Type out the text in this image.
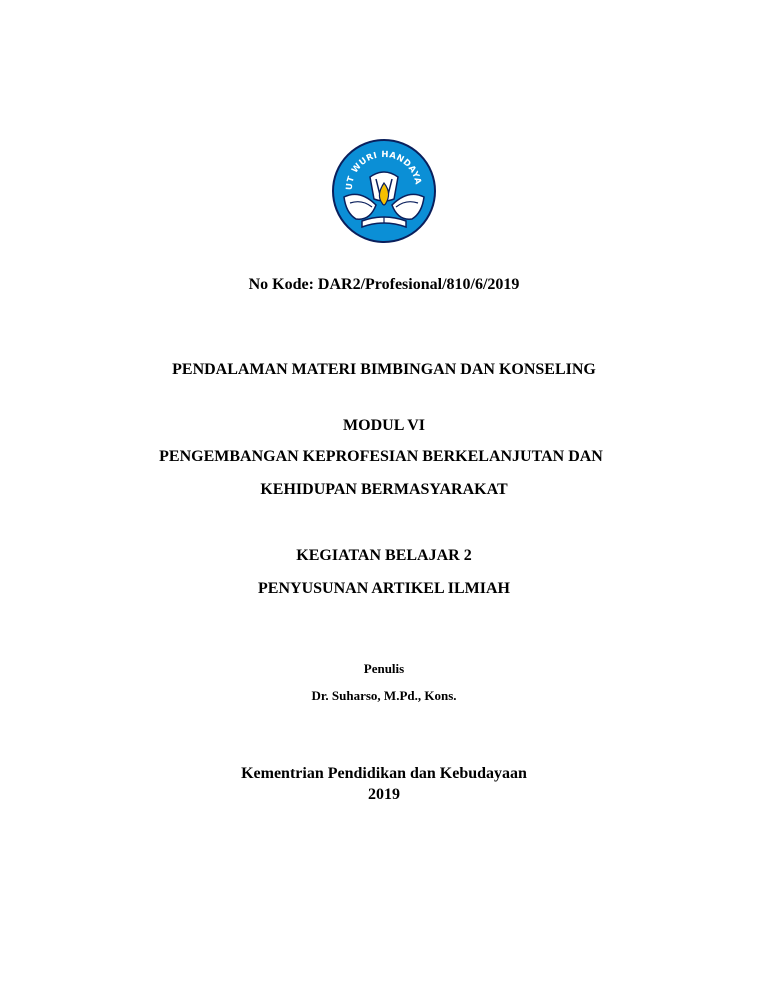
UT WURI HANDAYA
No Kode: DAR2/Profesional/810/6/2019
PENDALAMAN MATERI BIMBINGAN DAN KONSELING
MODUL VI
PENGEMBANGAN KEPROFESIAN BERKELANJUTAN DAN
KEHIDUPAN BERMASYARAKAT
KEGIATAN BELAJAR 2
PENYUSUNAN ARTIKEL ILMIAH
Penulis
Dr. Suharso, M.Pd., Kons.
Kementrian Pendidikan dan Kebudayaan
2019
